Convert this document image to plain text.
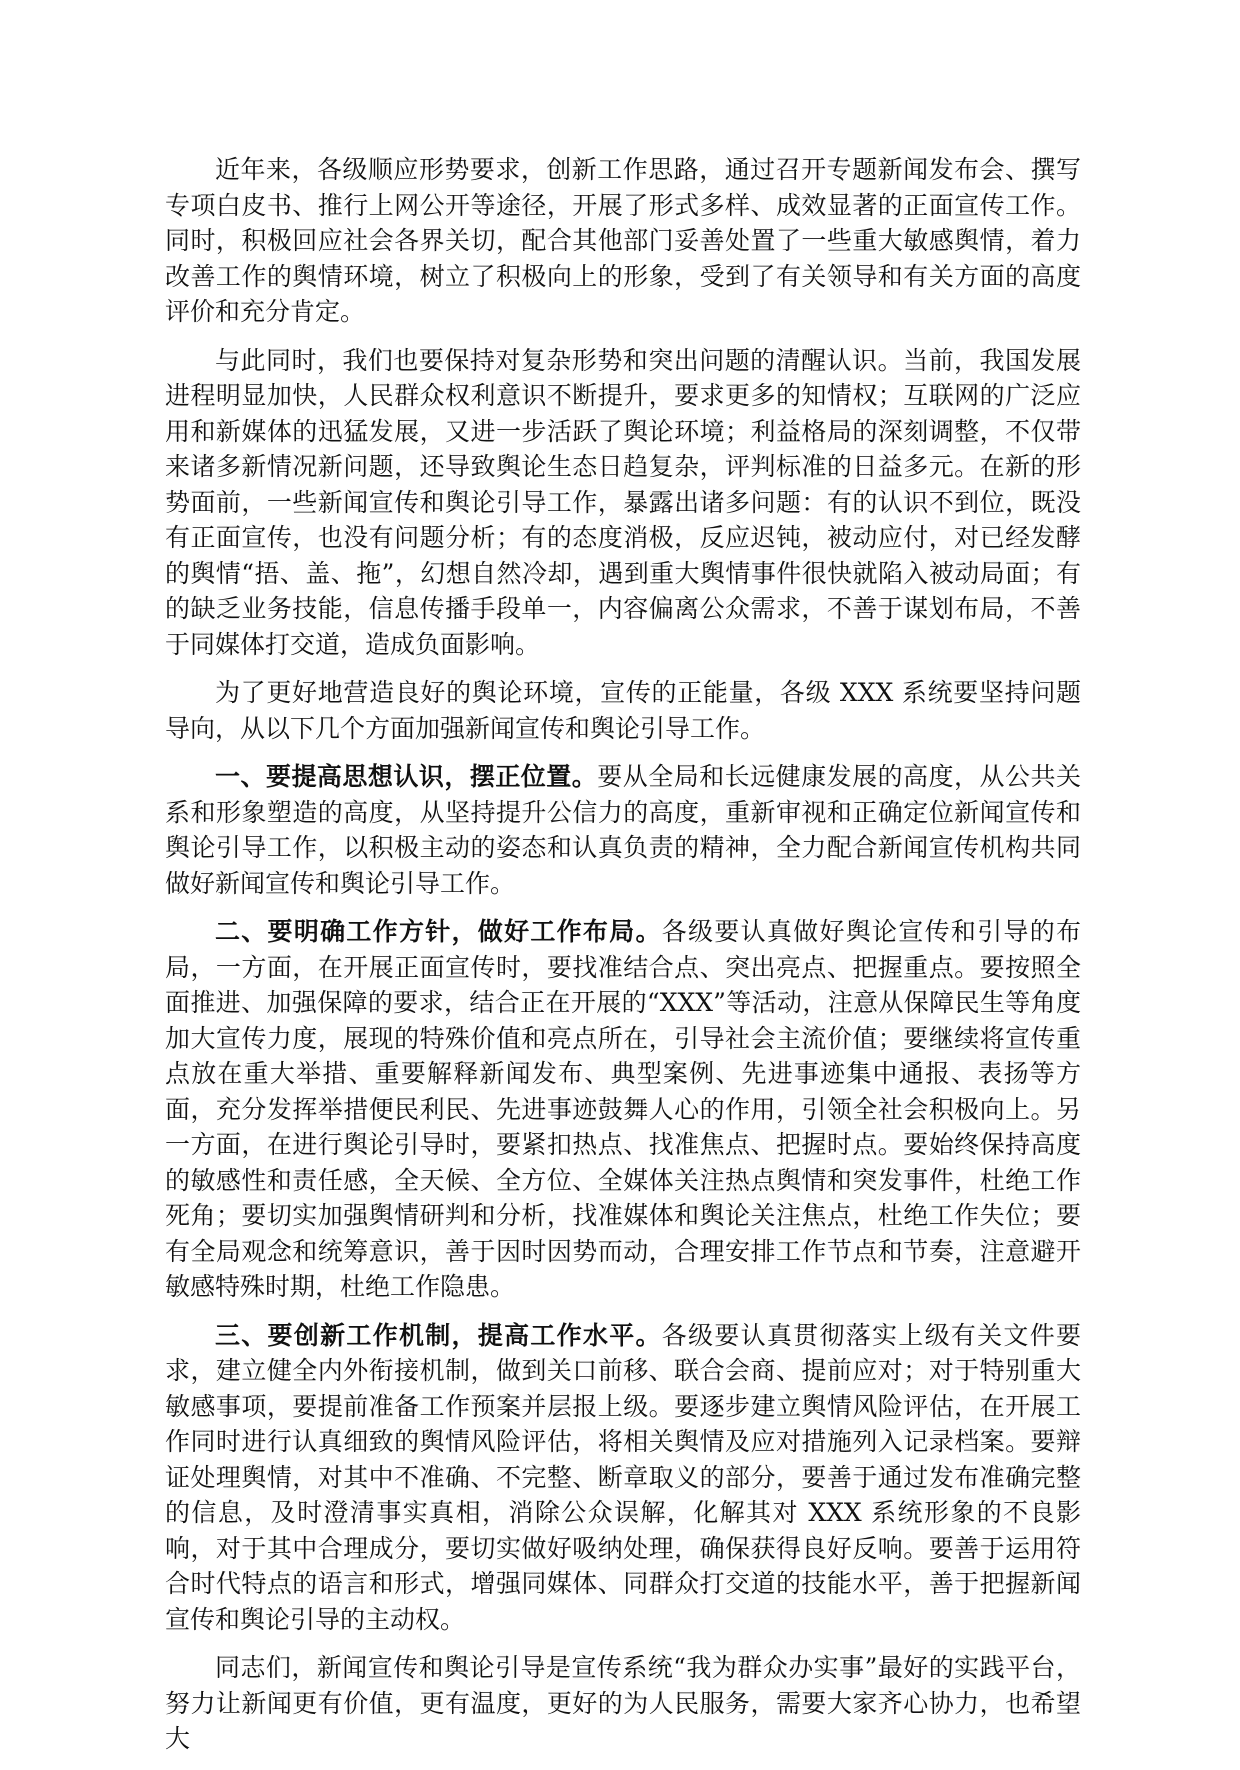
近年来，各级顺应形势要求，创新工作思路，通过召开专题新闻发布会、撰写专项白皮书、推行上网公开等途径，开展了形式多样、成效显著的正面宣传工作。同时，积极回应社会各界关切，配合其他部门妥善处置了一些重大敏感舆情，着力改善工作的舆情环境，树立了积极向上的形象，受到了有关领导和有关方面的高度评价和充分肯定。

与此同时，我们也要保持对复杂形势和突出问题的清醒认识。当前，我国发展进程明显加快，人民群众权利意识不断提升，要求更多的知情权；互联网的广泛应用和新媒体的迅猛发展，又进一步活跃了舆论环境；利益格局的深刻调整，不仅带来诸多新情况新问题，还导致舆论生态日趋复杂，评判标准的日益多元。在新的形势面前，一些新闻宣传和舆论引导工作，暴露出诸多问题：有的认识不到位，既没有正面宣传，也没有问题分析；有的态度消极，反应迟钝，被动应付，对已经发酵的舆情“捂、盖、拖”，幻想自然冷却，遇到重大舆情事件很快就陷入被动局面；有的缺乏业务技能，信息传播手段单一，内容偏离公众需求，不善于谋划布局，不善于同媒体打交道，造成负面影响。

为了更好地营造良好的舆论环境，宣传的正能量，各级 XXX 系统要坚持问题导向，从以下几个方面加强新闻宣传和舆论引导工作。

一、要提高思想认识，摆正位置。要从全局和长远健康发展的高度，从公共关系和形象塑造的高度，从坚持提升公信力的高度，重新审视和正确定位新闻宣传和舆论引导工作，以积极主动的姿态和认真负责的精神，全力配合新闻宣传机构共同做好新闻宣传和舆论引导工作。

二、要明确工作方针，做好工作布局。各级要认真做好舆论宣传和引导的布局，一方面，在开展正面宣传时，要找准结合点、突出亮点、把握重点。要按照全面推进、加强保障的要求，结合正在开展的“XXX”等活动，注意从保障民生等角度加大宣传力度，展现的特殊价值和亮点所在，引导社会主流价值；要继续将宣传重点放在重大举措、重要解释新闻发布、典型案例、先进事迹集中通报、表扬等方面，充分发挥举措便民利民、先进事迹鼓舞人心的作用，引领全社会积极向上。另一方面，在进行舆论引导时，要紧扣热点、找准焦点、把握时点。要始终保持高度的敏感性和责任感，全天候、全方位、全媒体关注热点舆情和突发事件，杜绝工作死角；要切实加强舆情研判和分析，找准媒体和舆论关注焦点，杜绝工作失位；要有全局观念和统筹意识，善于因时因势而动，合理安排工作节点和节奏，注意避开敏感特殊时期，杜绝工作隐患。

三、要创新工作机制，提高工作水平。各级要认真贯彻落实上级有关文件要求，建立健全内外衔接机制，做到关口前移、联合会商、提前应对；对于特别重大敏感事项，要提前准备工作预案并层报上级。要逐步建立舆情风险评估，在开展工作同时进行认真细致的舆情风险评估，将相关舆情及应对措施列入记录档案。要辩证处理舆情，对其中不准确、不完整、断章取义的部分，要善于通过发布准确完整的信息，及时澄清事实真相，消除公众误解，化解其对 XXX 系统形象的不良影响，对于其中合理成分，要切实做好吸纳处理，确保获得良好反响。要善于运用符合时代特点的语言和形式，增强同媒体、同群众打交道的技能水平，善于把握新闻宣传和舆论引导的主动权。

同志们，新闻宣传和舆论引导是宣传系统“我为群众办实事”最好的实践平台，努力让新闻更有价值，更有温度，更好的为人民服务，需要大家齐心协力，也希望大
